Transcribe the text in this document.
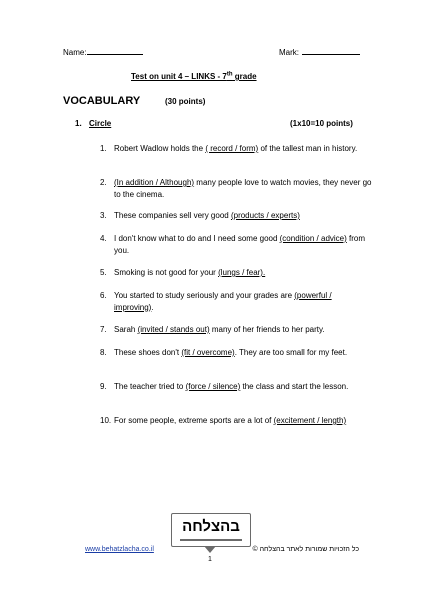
Name:	Mark:
Test on unit 4 – LINKS - 7th grade
VOCABULARY	(30 points)
1. Circle	(1x10=10 points)
1. Robert Wadlow holds the ( record / form) of the tallest man in history.
2. (In addition / Although) many people love to watch movies, they never go to the cinema.
3. These companies sell very good (products / experts)
4. I don't know what to do and I need some good (condition / advice) from you.
5. Smoking is not good for your (lungs / fear).
6. You started to study seriously and your grades are (powerful / improving).
7. Sarah (invited / stands out) many of her friends to her party.
8. These shoes don't (fit / overcome). They are too small for my feet.
9. The teacher tried to (force / silence) the class and start the lesson.
10. For some people, extreme sports are a lot of (excitement / length)
בהצלחה
www.behatzlacha.co.il
1
כל הזכויות שמורות לאתר בהצלחה ©
